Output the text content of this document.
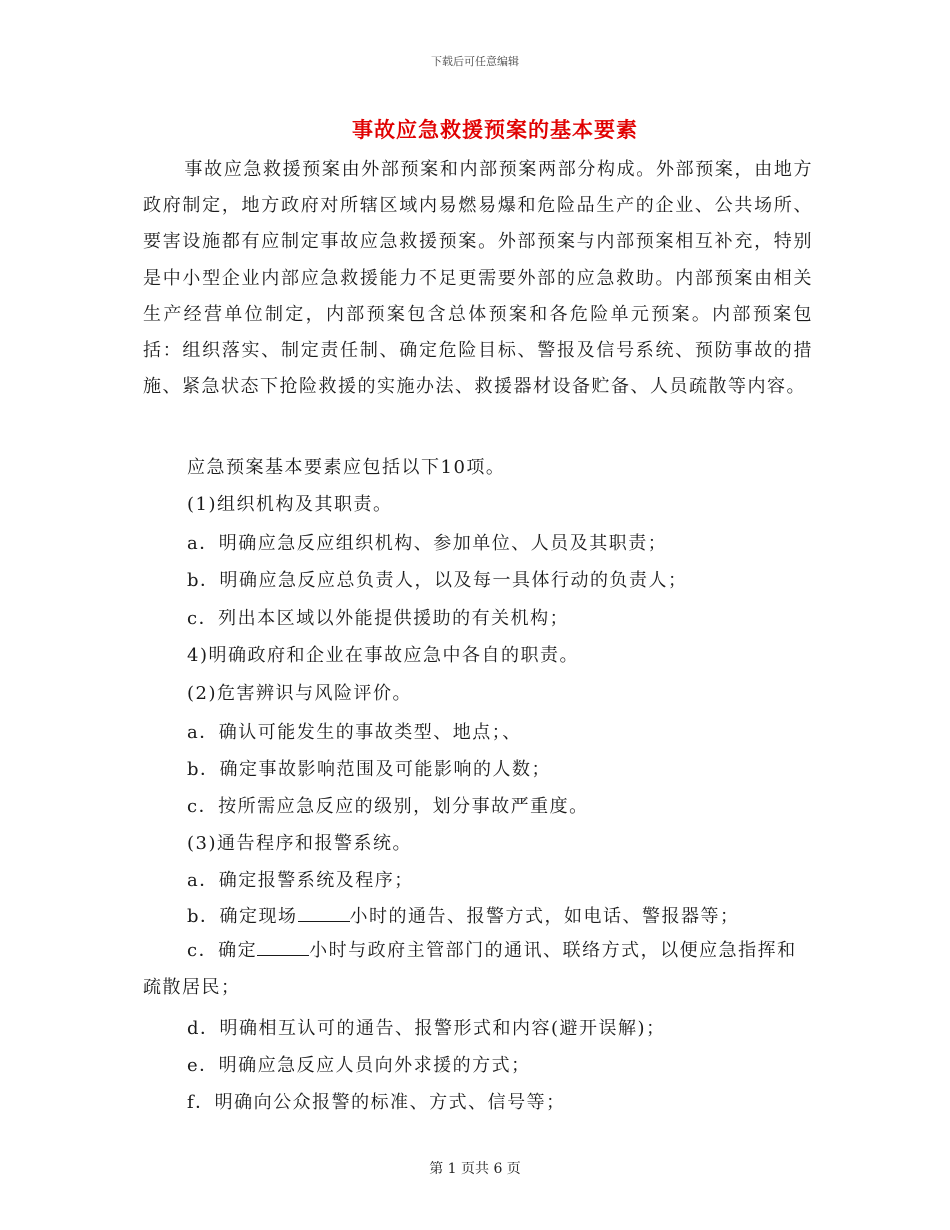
下载后可任意编辑
事故应急救援预案的基本要素
事故应急救援预案由外部预案和内部预案两部分构成。外部预案，由地方政府制定，地方政府对所辖区域内易燃易爆和危险品生产的企业、公共场所、要害设施都有应制定事故应急救援预案。外部预案与内部预案相互补充，特别是中小型企业内部应急救援能力不足更需要外部的应急救助。内部预案由相关生产经营单位制定，内部预案包含总体预案和各危险单元预案。内部预案包括：组织落实、制定责任制、确定危险目标、警报及信号系统、预防事故的措施、紧急状态下抢险救援的实施办法、救援器材设备贮备、人员疏散等内容。
应急预案基本要素应包括以下10项。
(1)组织机构及其职责。
a．明确应急反应组织机构、参加单位、人员及其职责；
b．明确应急反应总负责人，以及每一具体行动的负责人；
c．列出本区域以外能提供援助的有关机构；
4)明确政府和企业在事故应急中各自的职责。
(2)危害辨识与风险评价。
a．确认可能发生的事故类型、地点；、
b．确定事故影响范围及可能影响的人数；
c．按所需应急反应的级别，划分事故严重度。
(3)通告程序和报警系统。
a．确定报警系统及程序；
b．确定现场	小时的通告、报警方式，如电话、警报器等；
c．确定	小时与政府主管部门的通讯、联络方式，以便应急指挥和疏散居民；
d．明确相互认可的通告、报警形式和内容(避开误解)；
e．明确应急反应人员向外求援的方式；
f．明确向公众报警的标准、方式、信号等；
第 1 页共 6 页
